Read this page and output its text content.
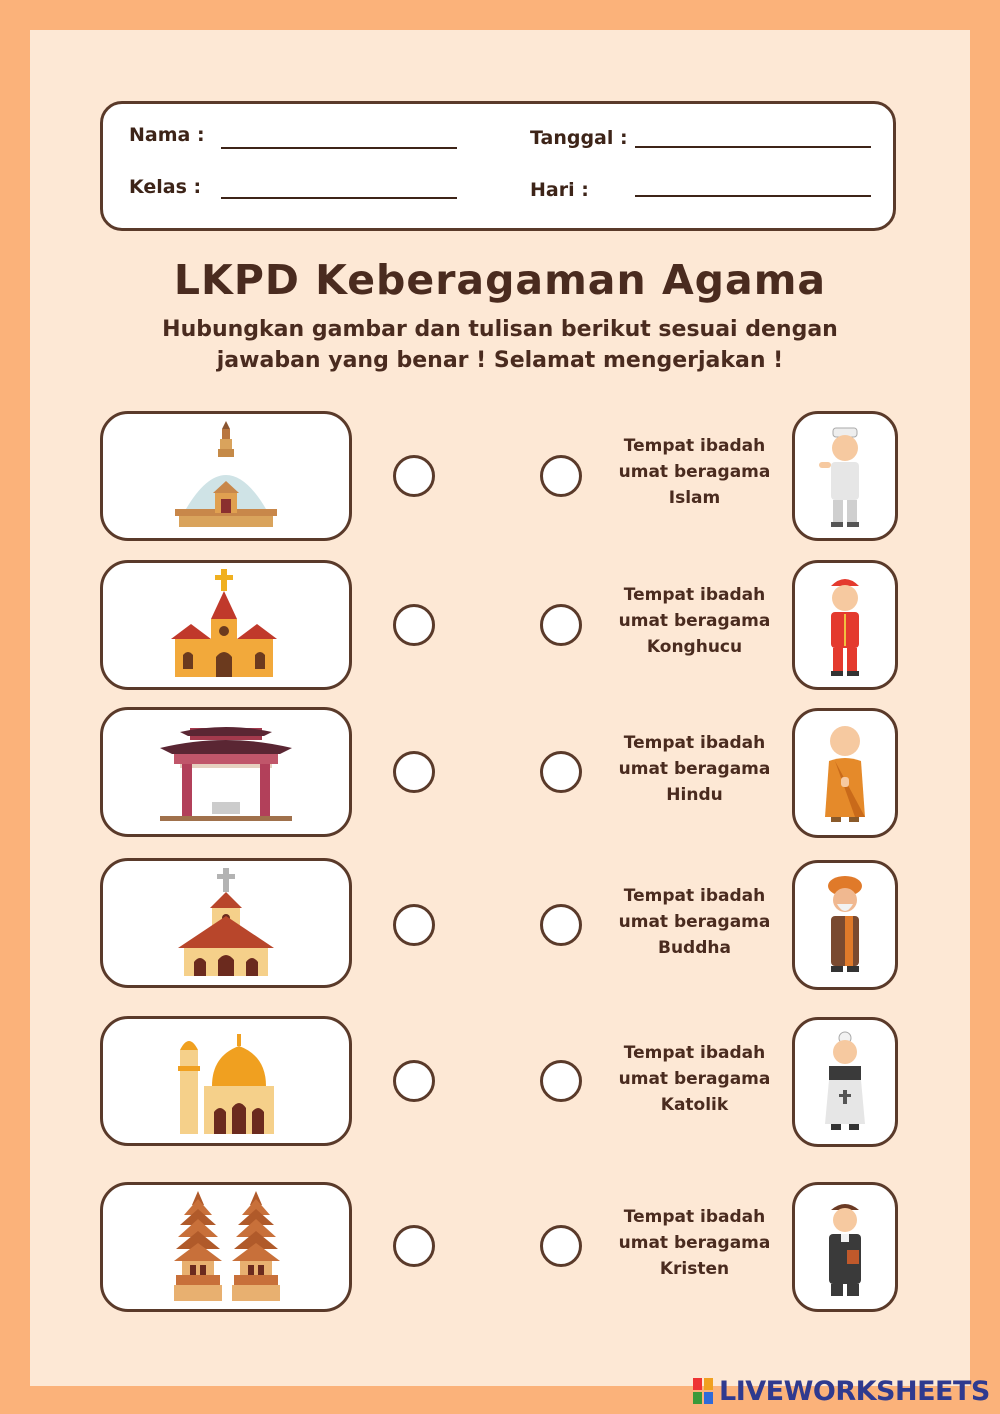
Nama :
Kelas :
Tanggal :
Hari :
LKPD Keberagaman Agama

Hubungkan gambar dan tulisan berikut sesuai dengan jawaban yang benar ! Selamat mengerjakan !

Tempat ibadah
umat beragama
Islam
Tempat ibadah
umat beragama
Konghucu
Tempat ibadah
umat beragama
Hindu
Tempat ibadah
umat beragama
Buddha
Tempat ibadah
umat beragama
Katolik
Tempat ibadah
umat beragama
Kristen
LIVEWORKSHEETS
